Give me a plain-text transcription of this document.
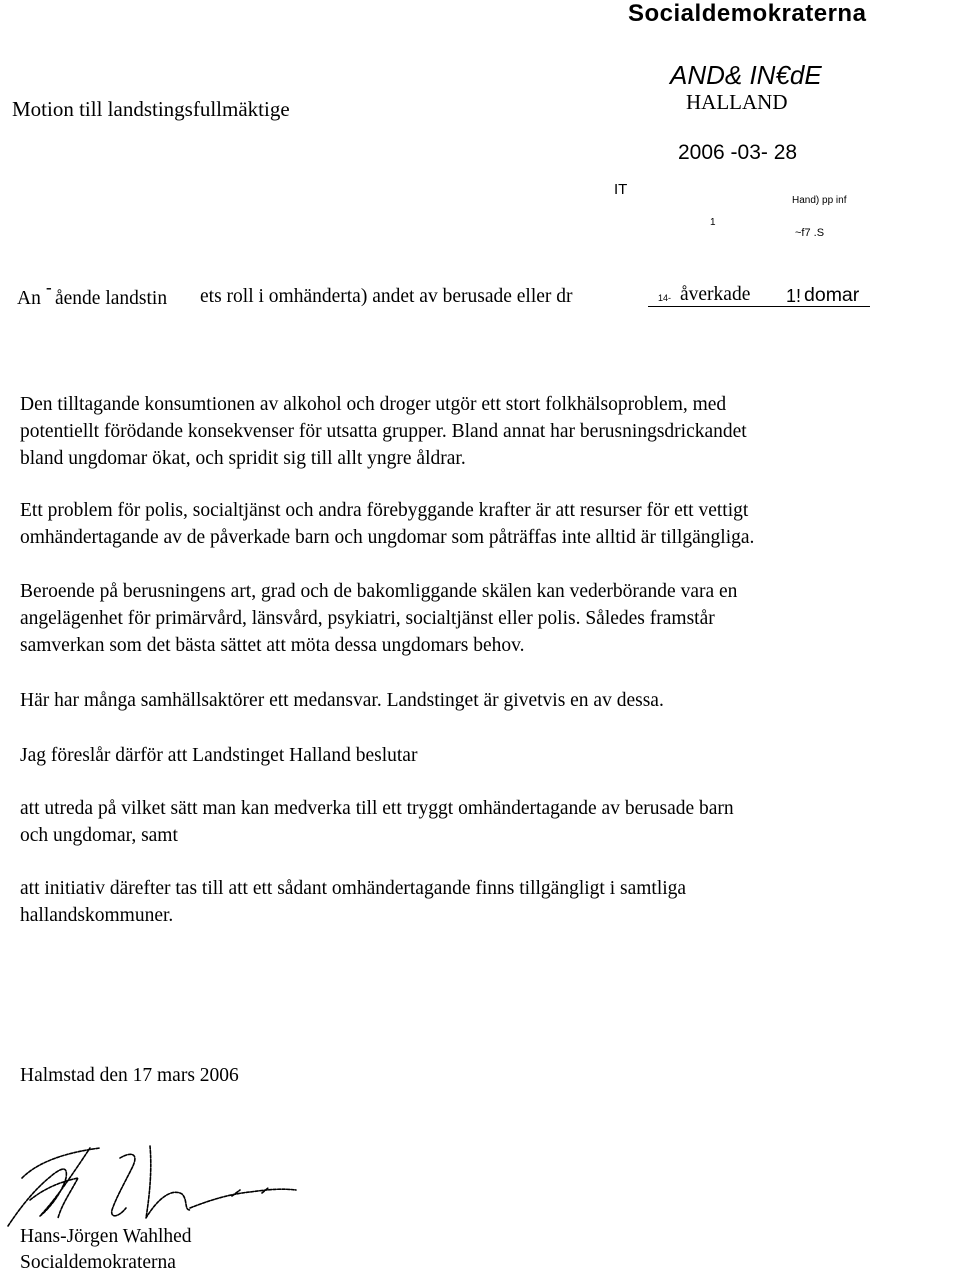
Socialdemokraterna
Motion till landstingsfullmäktige
AND& IN€dE
HALLAND
2006 -03- 28
ΙΤ
Hand) pp inf
1
~f7 .S
An
-
ående landstin ets roll i omhänderta) andet av berusade eller dr	14- åverkade 1! domar
Den tilltagande konsumtionen av alkohol och droger utgör ett stort folkhälsoproblem, med
potentiellt förödande konsekvenser för utsatta grupper. Bland annat har berusningsdrickandet
bland ungdomar ökat, och spridit sig till allt yngre åldrar.
Ett problem för polis, socialtjänst och andra förebyggande krafter är att resurser för ett vettigt
omhändertagande av de påverkade barn och ungdomar som påträffas inte alltid är tillgängliga.
Beroende på berusningens art, grad och de bakomliggande skälen kan vederbörande vara en
angelägenhet för primärvård, länsvård, psykiatri, socialtjänst eller polis. Således framstår
samverkan som det bästa sättet att möta dessa ungdomars behov.
Här har många samhällsaktörer ett medansvar. Landstinget är givetvis en av dessa.
Jag föreslår därför att Landstinget Halland beslutar
att utreda på vilket sätt man kan medverka till ett tryggt omhändertagande av berusade barn
och ungdomar, samt
att initiativ därefter tas till att ett sådant omhändertagande finns tillgängligt i samtliga
hallandskommuner.
Halmstad den 17 mars 2006
Hans-Jörgen Wahlhed
Socialdemokraterna
